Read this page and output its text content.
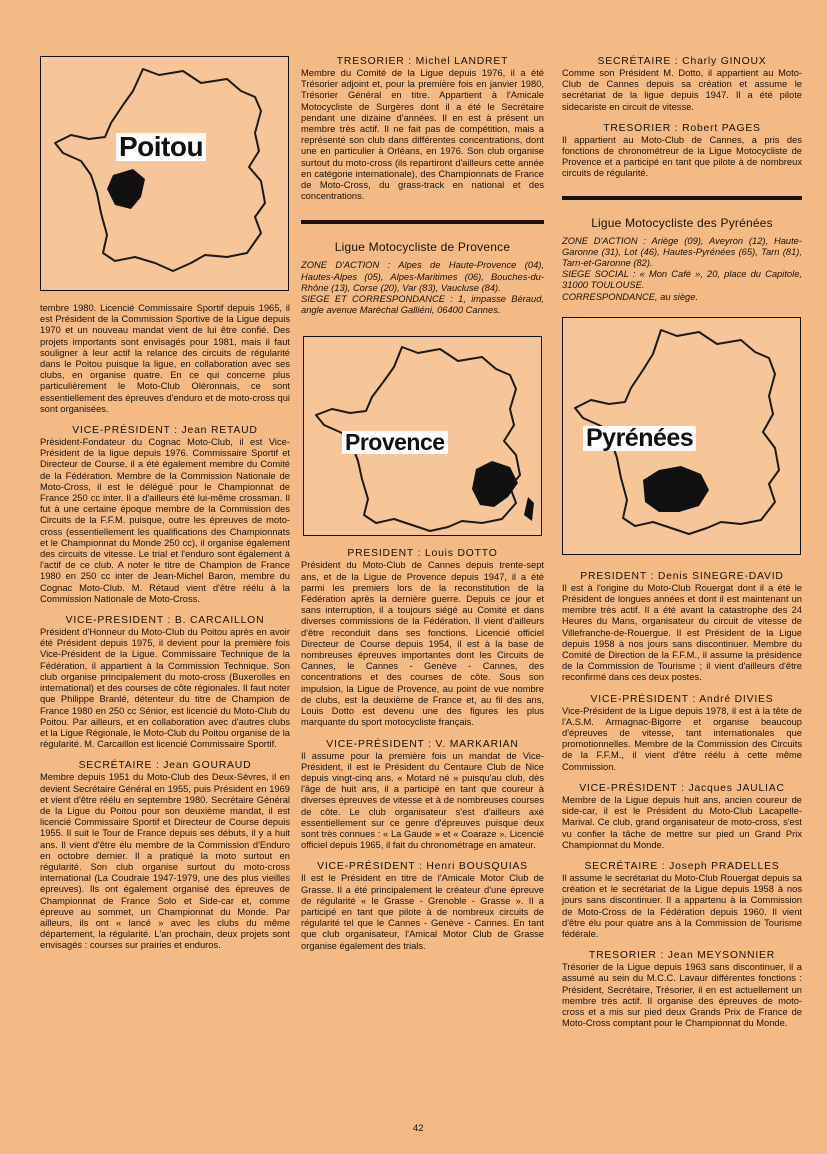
Poitou

tembre 1980. Licencié Commissaire Sportif depuis 1965, il est Président de la Commission Sportive de la Ligue depuis 1970 et un nouveau mandat vient de lui être confié. Des projets importants sont envisagés pour 1981, mais il faut souligner à leur actif la relance des circuits de régularité dans le Poitou puisque la ligue, en collaboration avec ses clubs, en organise quatre. En ce qui concerne plus particulièrement le Moto-Club Oléronnais, ce sont essentiellement des épreuves d'enduro et de moto-cross qui sont organisées.

VICE-PRÉSIDENT : Jean RETAUD

Président-Fondateur du Cognac Moto-Club, il est Vice-Président de la ligue depuis 1976. Commissaire Sportif et Directeur de Course, il a été également membre du Comité de la Fédération. Membre de la Commission Nationale de Moto-Cross, il est le délégué pour le Championnat de France 250 cc inter. Il a d'ailleurs été lui-même crossman. Il fut à une certaine époque membre de la Commission des Circuits de la F.F.M. puisque, outre les épreuves de moto-cross (essentiellement les qualifications des Championnats et le Championnat du Monde 250 cc), il organise également des circuits de vitesse. Le trial et l'enduro sont également à l'actif de ce club. A noter le titre de Champion de France 1980 en 250 cc inter de Jean-Michel Baron, membre du Cognac Moto-Club. M. Rétaud vient d'être réélu à la Commission Nationale de Moto-Cross.

VICE-PRESIDENT : B. CARCAILLON

Président d'Honneur du Moto-Club du Poitou après en avoir été Président depuis 1975, il devient pour la première fois Vice-Président de la Ligue. Commissaire Technique de la Fédération, il appartient à la Commission Technique. Son club organise principalement du moto-cross (Buxerolles en international) et des courses de côte régionales. Il faut noter que Philippe Branlé, détenteur du titre de Champion de France 1980 en 250 cc Sénior, est licencié du Moto-Club du Poitou. Par ailleurs, et en collaboration avec d'autres clubs et la Ligue Régionale, le Moto-Club du Poitou organise de la régularité. M. Carcaillon est licencié Commissaire Sportif.

SECRÉTAIRE : Jean GOURAUD

Membre depuis 1951 du Moto-Club des Deux-Sèvres, il en devient Secrétaire Général en 1955, puis Président en 1969 et vient d'être réélu en septembre 1980. Secrétaire Général de la Ligue du Poitou pour son deuxième mandat, il est licencié Commissaire Sportif et Directeur de Course depuis 1955. Il suit le Tour de France depuis ses débuts, il y a huit ans. Il vient d'être élu membre de la Commission d'Enduro en octobre dernier. Il a pratiqué la moto surtout en régularité. Son club organise surtout du moto-cross international (La Coudraie 1947-1979, une des plus vieilles épreuves). Ils ont également organisé des épreuves de Championnat de France Solo et Side-car et, comme épreuve au sommet, un Championnat du Monde. Par ailleurs, ils ont « lancé » avec les clubs du même département, la régularité. L'an prochain, deux projets sont envisagés : courses sur prairies et enduros.

TRESORIER : Michel LANDRET

Membre du Comité de la Ligue depuis 1976, il a été Trésorier adjoint et, pour la première fois en janvier 1980, Trésorier Général en titre. Appartient à l'Amicale Motocycliste de Surgères dont il a été le Secrétaire pendant une dizaine d'années. Il en est à présent un membre très actif. Il ne fait pas de compétition, mais a représenté son club dans différentes concentrations, dont une en particulier à Orléans, en 1976. Son club organise surtout du moto-cross (ils repartiront d'ailleurs cette année en catégorie internationale), des Championnats de France de Moto-Cross, du grass-track en national et des concentrations.

Ligue Motocycliste de Provence

ZONE D'ACTION : Alpes de Haute-Provence (04), Hautes-Alpes (05), Alpes-Maritimes (06), Bouches-du-Rhône (13), Corse (20), Var (83), Vaucluse (84).

SIEGE ET CORRESPONDANCE : 1, impasse Béraud, angle avenue Maréchal Galliéni, 06400 Cannes.

Provence
PRESIDENT : Louis DOTTO

Président du Moto-Club de Cannes depuis trente-sept ans, et de la Ligue de Provence depuis 1947, il a été parmi les premiers lors de la reconstitution de la Fédération après la dernière guerre. Depuis ce jour et sans interruption, il a toujours siégé au Comité et dans diverses commissions de la Fédération. Il vient d'ailleurs d'être reconduit dans ses fonctions. Licencié officiel Directeur de Course depuis 1954, il est à la base de nombreuses épreuves importantes dont les Circuits de Cannes, le Cannes - Genève - Cannes, des concentrations et des courses de côte. Sous son impulsion, la Ligue de Provence, au point de vue nombre de clubs, est la deuxième de France et, au fil des ans, Louis Dotto est devenu une des figures les plus marquante du sport motocycliste français.

VICE-PRÉSIDENT : V. MARKARIAN

Il assume pour la première fois un mandat de Vice-Président, il est le Président du Centaure Club de Nice depuis vingt-cinq ans. « Motard né » puisqu'au club, dès l'âge de huit ans, il a participé en tant que coureur à diverses épreuves de vitesse et à de nombreuses courses de côte. Le club organisateur s'est d'ailleurs axé essentiellement sur ce genre d'épreuves puisque deux sont très connues : « La Gaude » et « Coaraze ». Licencié officiel depuis 1965, il fait du chronométrage en amateur.

VICE-PRÉSIDENT : Henri BOUSQUIAS

Il est le Président en titre de l'Amicale Motor Club de Grasse. Il a été principalement le créateur d'une épreuve de régularité « le Grasse - Grenoble - Grasse ». Il a participé en tant que pilote à de nombreux circuits de régularité tel que le Cannes - Genève - Cannes. En tant que club organisateur, l'Amical Motor Club de Grasse organise également des trials.

SECRÉTAIRE : Charly GINOUX

Comme son Président M. Dotto, il appartient au Moto-Club de Cannes depuis sa création et assume le secrétariat de la ligue depuis 1947. Il a été pilote sidecariste en circuit de vitesse.

TRESORIER : Robert PAGES

Il appartient au Moto-Club de Cannes, a pris des fonctions de chronométreur de la Ligue Motocycliste de Provence et a participé en tant que pilote à de nombreux circuits de régularité.

Ligue Motocycliste des Pyrénées

ZONE D'ACTION : Ariège (09), Aveyron (12), Haute-Garonne (31), Lot (46), Hautes-Pyrénées (65), Tarn (81), Tarn-et-Garonne (82).

SIEGE SOCIAL : « Mon Café », 20, place du Capitole, 31000 TOULOUSE.

CORRESPONDANCE, au siège.

Pyrénées
PRESIDENT : Denis SINEGRE-DAVID

Il est à l'origine du Moto-Club Rouergat dont il a été le Président de longues années et dont il est maintenant un membre très actif. Il a été avant la catastrophe des 24 Heures du Mans, organisateur du circuit de vitesse de Villefranche-de-Rouergue. Il est Président de la Ligue depuis 1958 à nos jours sans discontinuer. Membre du Comité de Direction de la F.F.M., il assume la présidence de la Commission de Tourisme ; il vient d'ailleurs d'être reconfirmé dans ces deux postes.

VICE-PRÉSIDENT : André DIVIES

Vice-Président de la Ligue depuis 1978, il est à la tête de l'A.S.M. Armagnac-Bigorre et organise beaucoup d'épreuves de vitesse, tant internationales que promotionnelles. Membre de la Commission des Circuits de la F.F.M., il vient d'être réélu à cette même Commission.

VICE-PRÉSIDENT : Jacques JAULIAC

Membre de la Ligue depuis huit ans, ancien coureur de side-car, il est le Président du Moto-Club Lacapelle-Marival. Ce club, grand organisateur de moto-cross, s'est vu confier la tâche de mettre sur pied un Grand Prix Championnat du Monde.

SECRÉTAIRE : Joseph PRADELLES

Il assume le secrétariat du Moto-Club Rouergat depuis sa création et le secrétariat de la Ligue depuis 1958 à nos jours sans discontinuer. Il a appartenu à la Commission de Moto-Cross de la Fédération depuis 1960. Il vient d'être élu pour quatre ans à la Commission de Tourisme fédérale.

TRESORIER : Jean MEYSONNIER

Trésorier de la Ligue depuis 1963 sans discontinuer, il a assumé au sein du M.C.C. Lavaur différentes fonctions : Président, Secrétaire, Trésorier, il en est actuellement un membre très actif. Il organise des épreuves de moto-cross et a mis sur pied deux Grands Prix de France de Moto-Cross comptant pour le Championnat du Monde.

42
